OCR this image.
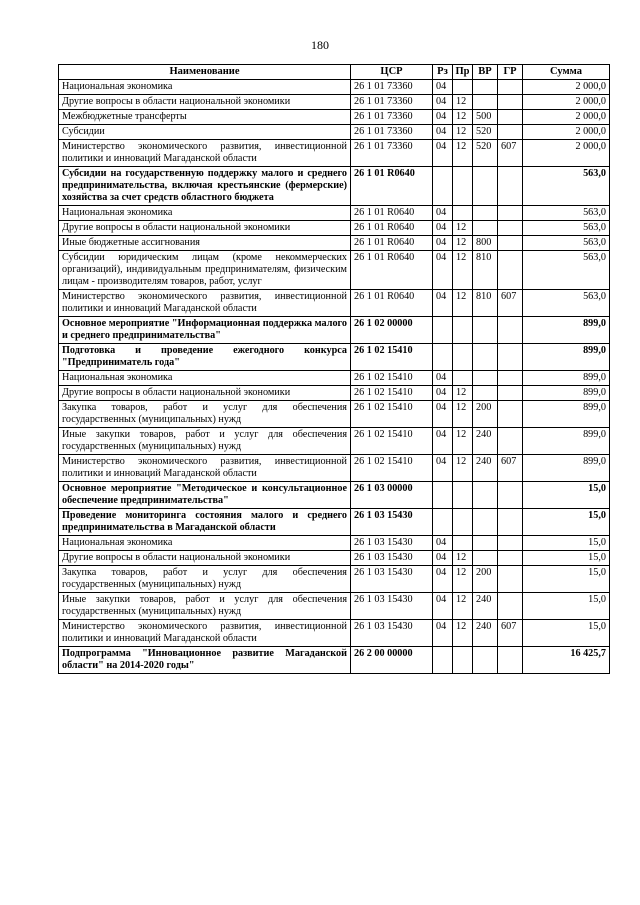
180
Наименование	ЦСР	Рз	Пр	ВР	ГР	Сумма
Национальная экономика	26 1 01 73360	04				2 000,0
Другие вопросы в области национальной экономики	26 1 01 73360	04	12			2 000,0
Межбюджетные трансферты	26 1 01 73360	04	12	500		2 000,0
Субсидии	26 1 01 73360	04	12	520		2 000,0
Министерство экономического развития, инвестиционной политики и инноваций Магаданской области	26 1 01 73360	04	12	520	607	2 000,0
Субсидии на государственную поддержку малого и среднего предпринимательства, включая крестьянские (фермерские) хозяйства за счет средств областного бюджета	26 1 01 R0640					563,0
Национальная экономика	26 1 01 R0640	04				563,0
Другие вопросы в области национальной экономики	26 1 01 R0640	04	12			563,0
Иные бюджетные ассигнования	26 1 01 R0640	04	12	800		563,0
Субсидии юридическим лицам (кроме некоммерческих организаций), индивидуальным предпринимателям, физическим лицам - производителям товаров, работ, услуг	26 1 01 R0640	04	12	810		563,0
Министерство экономического развития, инвестиционной политики и инноваций Магаданской области	26 1 01 R0640	04	12	810	607	563,0
Основное мероприятие "Информационная поддержка малого и среднего предпринимательства"	26 1 02 00000					899,0
Подготовка и проведение ежегодного конкурса "Предприниматель года"	26 1 02 15410					899,0
Национальная экономика	26 1 02 15410	04				899,0
Другие вопросы в области национальной экономики	26 1 02 15410	04	12			899,0
Закупка товаров, работ и услуг для обеспечения государственных (муниципальных) нужд	26 1 02 15410	04	12	200		899,0
Иные закупки товаров, работ и услуг для обеспечения государственных (муниципальных) нужд	26 1 02 15410	04	12	240		899,0
Министерство экономического развития, инвестиционной политики и инноваций Магаданской области	26 1 02 15410	04	12	240	607	899,0
Основное мероприятие "Методическое и консультационное обеспечение предпринимательства"	26 1 03 00000					15,0
Проведение мониторинга состояния малого и среднего предпринимательства в Магаданской области	26 1 03 15430					15,0
Национальная экономика	26 1 03 15430	04				15,0
Другие вопросы в области национальной экономики	26 1 03 15430	04	12			15,0
Закупка товаров, работ и услуг для обеспечения государственных (муниципальных) нужд	26 1 03 15430	04	12	200		15,0
Иные закупки товаров, работ и услуг для обеспечения государственных (муниципальных) нужд	26 1 03 15430	04	12	240		15,0
Министерство экономического развития, инвестиционной политики и инноваций Магаданской области	26 1 03 15430	04	12	240	607	15,0
Подпрограмма "Инновационное развитие Магаданской области" на 2014-2020 годы"	26 2 00 00000					16 425,7
